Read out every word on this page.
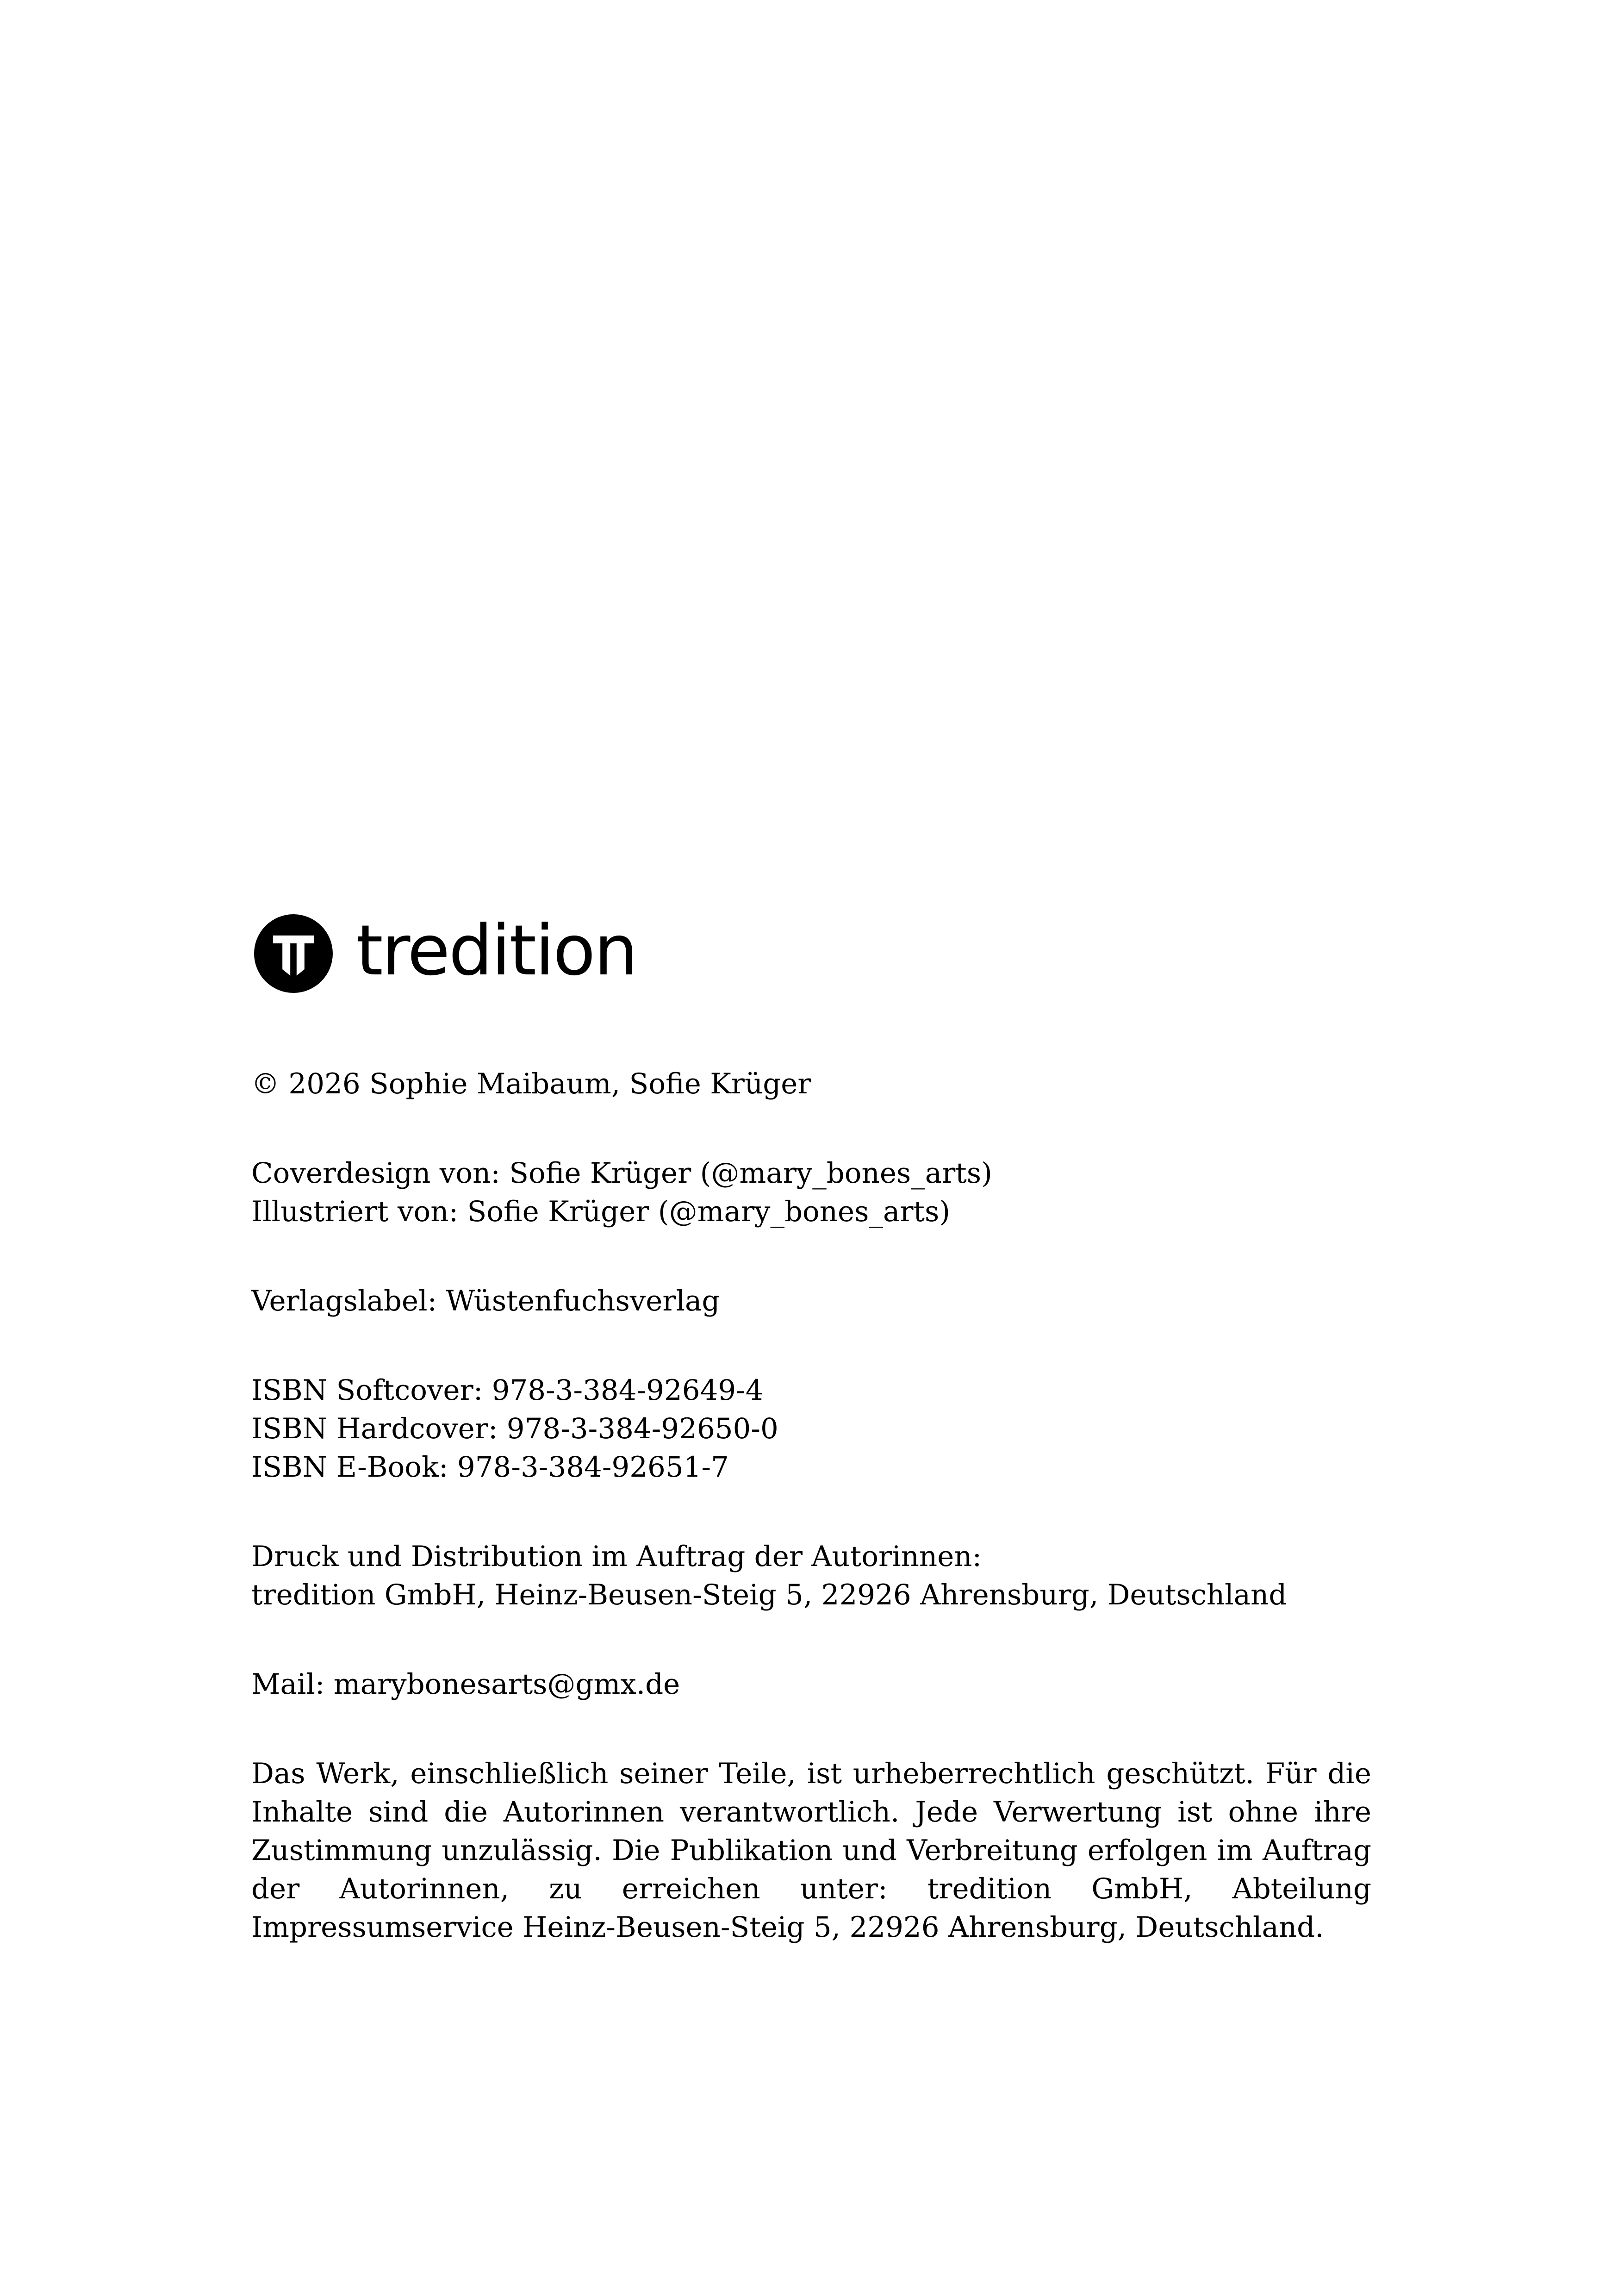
tredition
© 2026 Sophie Maibaum, Sofie Krüger
Coverdesign von: Sofie Krüger (@mary_bones_arts)
Illustriert von: Sofie Krüger (@mary_bones_arts)
Verlagslabel: Wüstenfuchsverlag
ISBN Softcover: 978-3-384-92649-4
ISBN Hardcover: 978-3-384-92650-0
ISBN E-Book: 978-3-384-92651-7
Druck und Distribution im Auftrag der Autorinnen:
tredition GmbH, Heinz-Beusen-Steig 5, 22926 Ahrensburg, Deutschland
Mail: marybonesarts@gmx.de
Das Werk, einschließlich seiner Teile, ist urheberrechtlich geschützt. Für die Inhalte sind die Autorinnen verantwortlich. Jede Verwertung ist ohne ihre Zustimmung unzulässig. Die Publikation und Verbreitung erfolgen im Auftrag der Autorinnen, zu erreichen unter: tredition GmbH, Abteilung Impressumservice Heinz-Beusen-Steig 5, 22926 Ahrensburg, Deutschland.
